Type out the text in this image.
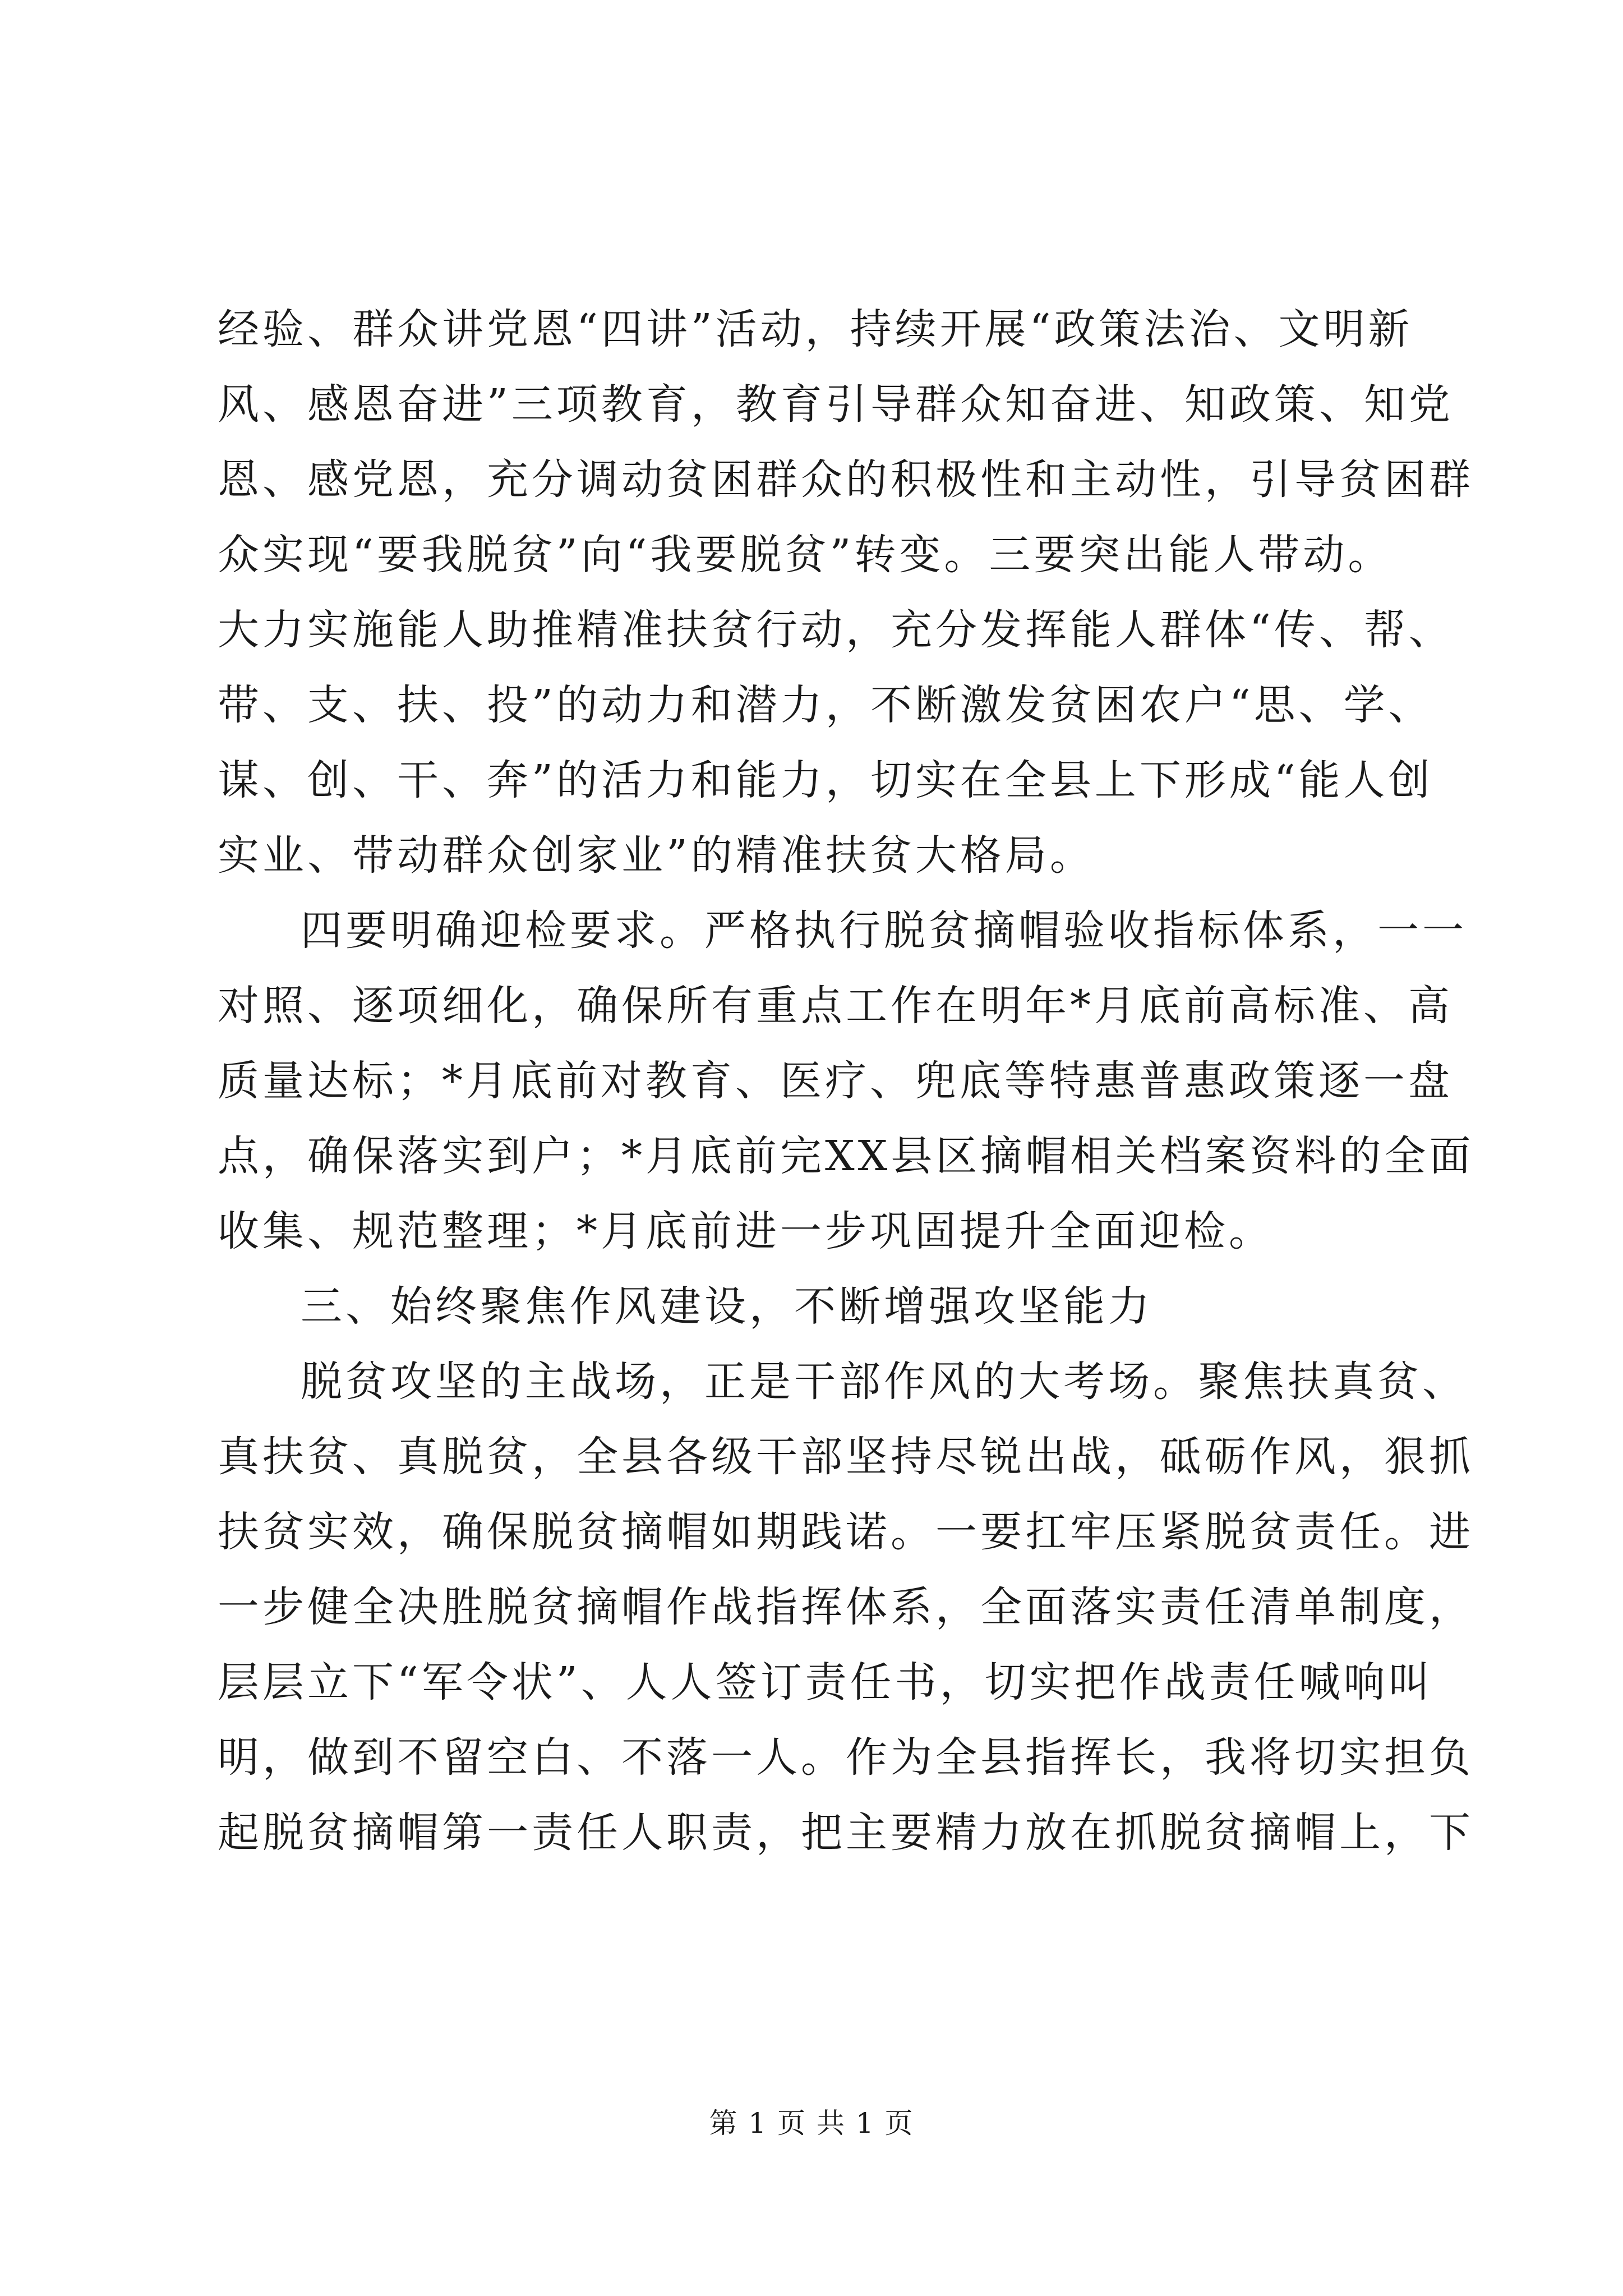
经验、群众讲党恩“四讲”活动，持续开展“政策法治、文明新
风、感恩奋进”三项教育，教育引导群众知奋进、知政策、知党
恩、感党恩，充分调动贫困群众的积极性和主动性，引导贫困群
众实现“要我脱贫”向“我要脱贫”转变。三要突出能人带动。
大力实施能人助推精准扶贫行动，充分发挥能人群体“传、帮、
带、支、扶、投”的动力和潜力，不断激发贫困农户“思、学、
谋、创、干、奔”的活力和能力，切实在全县上下形成“能人创
实业、带动群众创家业”的精准扶贫大格局。
四要明确迎检要求。严格执行脱贫摘帽验收指标体系，一一
对照、逐项细化，确保所有重点工作在明年*月底前高标准、高
质量达标；*月底前对教育、医疗、兜底等特惠普惠政策逐一盘
点，确保落实到户；*月底前完XX县区摘帽相关档案资料的全面
收集、规范整理；*月底前进一步巩固提升全面迎检。
三、始终聚焦作风建设，不断增强攻坚能力
脱贫攻坚的主战场，正是干部作风的大考场。聚焦扶真贫、
真扶贫、真脱贫，全县各级干部坚持尽锐出战，砥砺作风，狠抓
扶贫实效，确保脱贫摘帽如期践诺。一要扛牢压紧脱贫责任。进
一步健全决胜脱贫摘帽作战指挥体系，全面落实责任清单制度，
层层立下“军令状”、人人签订责任书，切实把作战责任喊响叫
明，做到不留空白、不落一人。作为全县指挥长，我将切实担负
起脱贫摘帽第一责任人职责，把主要精力放在抓脱贫摘帽上，下
第 1 页 共 1 页
